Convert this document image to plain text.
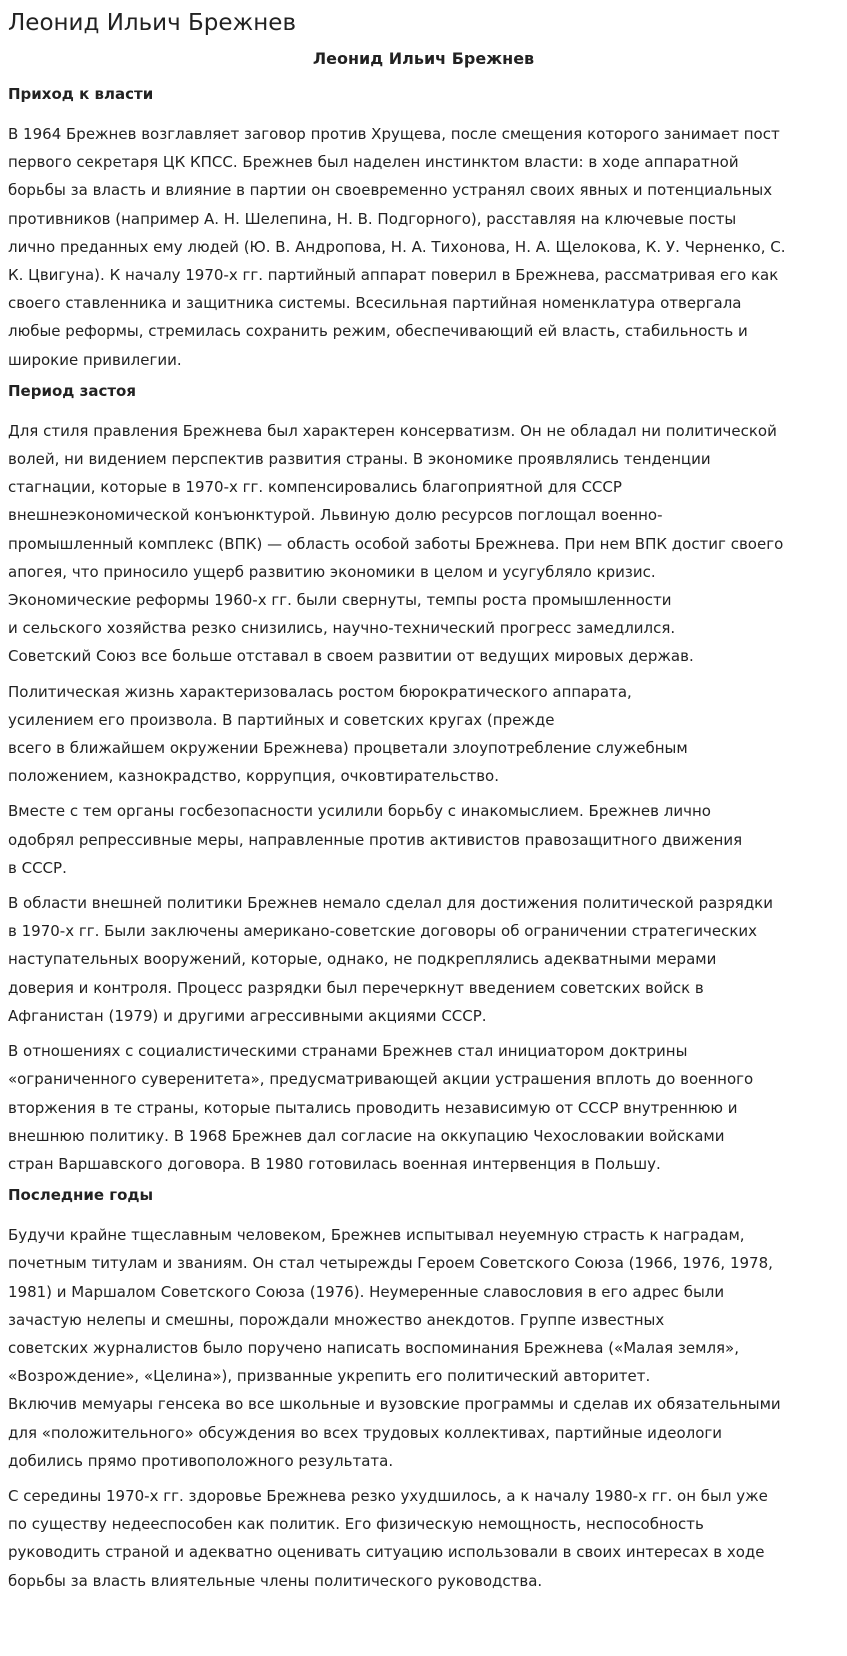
Леонид Ильич Брежнев
Леонид Ильич Брежнев
Приход к власти
В 1964 Брежнев возглавляет заговор против Хрущева, после смещения которого занимает пост
первого секретаря ЦК КПСС. Брежнев был наделен инстинктом власти: в ходе аппаратной
борьбы за власть и влияние в партии он своевременно устранял своих явных и потенциальных
противников (например А. Н. Шелепина, Н. В. Подгорного), расставляя на ключевые посты
лично преданных ему людей (Ю. В. Андропова, Н. А. Тихонова, Н. А. Щелокова, К. У. Черненко, С.
К. Цвигуна). К началу 1970-х гг. партийный аппарат поверил в Брежнева, рассматривая его как
своего ставленника и защитника системы. Всесильная партийная номенклатура отвергала
любые реформы, стремилась сохранить режим, обеспечивающий ей власть, стабильность и
широкие привилегии.
Период застоя
Для стиля правления Брежнева был характерен консерватизм. Он не обладал ни политической
волей, ни видением перспектив развития страны. В экономике проявлялись тенденции
стагнации, которые в 1970-х гг. компенсировались благоприятной для СССР
внешнеэкономической конъюнктурой. Львиную долю ресурсов поглощал военно-
промышленный комплекс (ВПК) — область особой заботы Брежнева. При нем ВПК достиг своего
апогея, что приносило ущерб развитию экономики в целом и усугубляло кризис.
Экономические реформы 1960-х гг. были свернуты, темпы роста промышленности
и сельского хозяйства резко снизились, научно-технический прогресс замедлился.
Советский Союз все больше отставал в своем развитии от ведущих мировых держав.
Политическая жизнь характеризовалась ростом бюрократического аппарата,
усилением его произвола. В партийных и советских кругах (прежде
всего в ближайшем окружении Брежнева) процветали злоупотребление служебным
положением, казнокрадство, коррупция, очковтирательство.
Вместе с тем органы госбезопасности усилили борьбу с инакомыслием. Брежнев лично
одобрял репрессивные меры, направленные против активистов правозащитного движения
в СССР.
В области внешней политики Брежнев немало сделал для достижения политической разрядки
в 1970-х гг. Были заключены американо-советские договоры об ограничении стратегических
наступательных вооружений, которые, однако, не подкреплялись адекватными мерами
доверия и контроля. Процесс разрядки был перечеркнут введением советских войск в
Афганистан (1979) и другими агрессивными акциями СССР.
В отношениях с социалистическими странами Брежнев стал инициатором доктрины
«ограниченного суверенитета», предусматривающей акции устрашения вплоть до военного
вторжения в те страны, которые пытались проводить независимую от СССР внутреннюю и
внешнюю политику. В 1968 Брежнев дал согласие на оккупацию Чехословакии войсками
стран Варшавского договора. В 1980 готовилась военная интервенция в Польшу.
Последние годы
Будучи крайне тщеславным человеком, Брежнев испытывал неуемную страсть к наградам,
почетным титулам и званиям. Он стал четырежды Героем Советского Союза (1966, 1976, 1978,
1981) и Маршалом Советского Союза (1976). Неумеренные славословия в его адрес были
зачастую нелепы и смешны, порождали множество анекдотов. Группе известных
советских журналистов было поручено написать воспоминания Брежнева («Малая земля»,
«Возрождение», «Целина»), призванные укрепить его политический авторитет.
Включив мемуары генсека во все школьные и вузовские программы и сделав их обязательными
для «положительного» обсуждения во всех трудовых коллективах, партийные идеологи
добились прямо противоположного результата.
С середины 1970-х гг. здоровье Брежнева резко ухудшилось, а к началу 1980-х гг. он был уже
по существу недееспособен как политик. Его физическую немощность, неспособность
руководить страной и адекватно оценивать ситуацию использовали в своих интересах в ходе
борьбы за власть влиятельные члены политического руководства.
